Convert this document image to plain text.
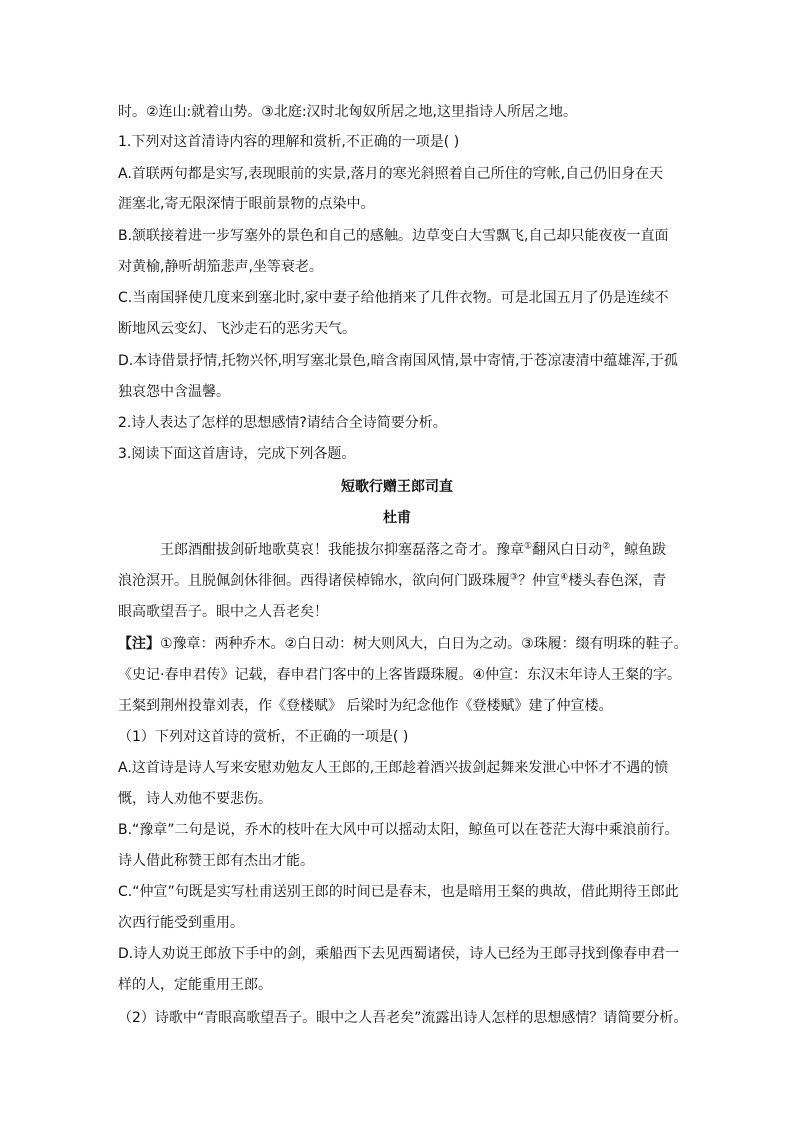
时。②连山:就着山势。③北庭:汉时北匈奴所居之地,这里指诗人所居之地。
1.下列对这首清诗内容的理解和赏析,不正确的一项是( )
A.首联两句都是实写,表现眼前的实景,落月的寒光斜照着自己所住的穹帐,自己仍旧身在天
涯塞北,寄无限深情于眼前景物的点染中。
B.颔联接着进一步写塞外的景色和自己的感触。边草变白大雪飘飞,自己却只能夜夜一直面
对黄榆,静听胡笳悲声,坐等衰老。
C.当南国驿使几度来到塞北时,家中妻子给他捎来了几件衣物。可是北国五月了仍是连续不
断地风云变幻、飞沙走石的恶劣天气。
D.本诗借景抒情,托物兴怀,明写塞北景色,暗含南国风情,景中寄情,于苍凉凄清中蕴雄浑,于孤
独哀怨中含温馨。
2.诗人表达了怎样的思想感情?请结合全诗简要分析。
3.阅读下面这首唐诗，完成下列各题。
短歌行赠王郎司直
杜甫
王郎酒酣拔剑斫地歌莫哀！我能拔尔抑塞磊落之奇才。豫章①翻风白日动②，鲸鱼跋
浪沧溟开。且脱佩剑休徘徊。西得诸侯棹锦水，欲向何门趿珠履③？仲宣④楼头春色深，青
眼高歌望吾子。眼中之人吾老矣！
【注】①豫章：两种乔木。②白日动：树大则风大，白日为之动。③珠履：缀有明珠的鞋子。
《史记·春申君传》记载，春申君门客中的上客皆蹑珠履。④仲宣：东汉末年诗人王粲的字。
王粲到荆州投靠刘表，作《登楼赋》 后梁时为纪念他作《登楼赋》建了仲宣楼。
（1）下列对这首诗的赏析，不正确的一项是( )
A.这首诗是诗人写来安慰劝勉友人王郎的,王郎趁着酒兴拔剑起舞来发泄心中怀才不遇的愤
慨，诗人劝他不要悲伤。
B.“豫章”二句是说，乔木的枝叶在大风中可以摇动太阳，鲸鱼可以在苍茫大海中乘浪前行。
诗人借此称赞王郎有杰出才能。
C.“仲宣”句既是实写杜甫送别王郎的时间已是春末，也是暗用王粲的典故，借此期待王郎此
次西行能受到重用。
D.诗人劝说王郎放下手中的剑，乘船西下去见西蜀诸侯，诗人已经为王郎寻找到像春申君一
样的人，定能重用王郎。
（2）诗歌中“青眼高歌望吾子。眼中之人吾老矣”流露出诗人怎样的思想感情？请简要分析。
